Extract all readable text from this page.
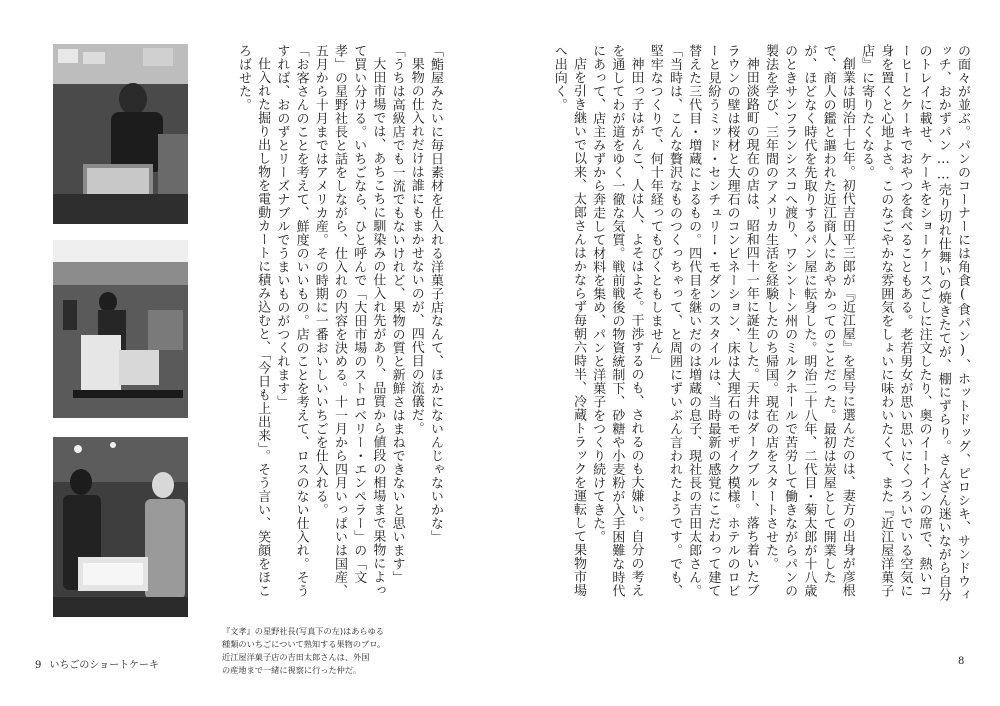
『文孝』の星野社長(写真下の左)はあらゆる
種類のいちごについて熟知する果物のプロ。
近江屋洋菓子店の吉田太郎さんは、外国
の産地まで一緒に視察に行った仲だ。

「鮨屋みたいに毎日素材を仕入れる洋菓子店なんて、ほかにないんじゃないかな」

果物の仕入れだけは誰にもまかせないのが、四代目の流儀だ。

「うちは高級店でも一流でもないけれど、果物の質と新鮮さはまねできないと思います」

大田市場では、あちこちに馴染みの仕入れ先があり、品質から値段の相場まで果物によって買い分ける。いちごなら、ひと呼んで「大田市場のストロベリー・エンペラー」の「文孝」の星野社長と話をしながら、仕入れの内容を決める。十一月から四月いっぱいは国産、五月から十月まではアメリカ産。その時期に一番おいしいいちごを仕入れる。

「お客さんのことを考えて、鮮度のいいもの。店のことを考えて、ロスのない仕入れ。そうすれば、おのずとリーズナブルでうまいものがつくれます」

仕入れた掘り出し物を電動カートに積み込むと、「今日も上出来」。そう言い、笑顔をほころばせた。	の面々が並ぶ。パンのコーナーには角食(食パン)、ホットドッグ、ピロシキ、サンドウィッチ、おかずパン……売り切れ仕舞いの焼きたてが、棚にずらり。さんざん迷いながら自分のトレイに載せ、ケーキをショーケースごしに注文したり、奥のイートインの席で、熱いコーヒーとケーキでおやつを食べることもある。老若男女が思い思いにくつろいでいる空気に身を置くと心地よさ。このなごやかな雰囲気をしょいに味わいたくて、また『近江屋洋菓子店』に寄りたくなる。

創業は明治十七年。初代吉田平三郎が『近江屋』を屋号に選んだのは、妻方の出身が彦根で、商人の鑑と謳われた近江商人にあやかってのことだった。最初は炭屋として開業したが、ほどなく時代を先取りするパン屋に転身した。明治二十八年、二代目・菊太郎が十八歳のときサンフランシスコへ渡り、ワシントン州のミルクホールで苦労して働きながらパンの製法を学び、三年間のアメリカ生活を経験したのち帰国。現在の店をスタートさせた。

神田淡路町の現在の店は、昭和四十一年に誕生した。天井はダークブルー、落ち着いたブラウンの壁は桜材と大理石のコンビネーション、床は大理石のモザイク模様。ホテルのロビーと見紛うミッド・センチュリー・モダンのスタイルは、当時最新の感覚にこだわって建て替えた三代目・増蔵によるもの。四代目を継いだのは増蔵の息子、現社長の吉田太郎さん。

「当時は、こんな贅沢なものつくっちゃって、と周囲にずいぶん言われたようです。でも、堅牢なつくりで、何十年経ってもびくともしません」

神田っ子はがんこ、人は人、よそはよそ。干渉するのも、されるのも大嫌い。自分の考えを通してわが道をゆく一徹な気質。戦前戦後の物資統制下、砂糖や小麦粉が入手困難な時代にあって、店主みずから奔走して材料を集め、パンと洋菓子をつくり続けてきた。

店を引き継いで以来、太郎さんはかならず毎朝六時半、冷蔵トラックを運転して果物市場へ出向く。

9 いちごのショートケーキ	8
